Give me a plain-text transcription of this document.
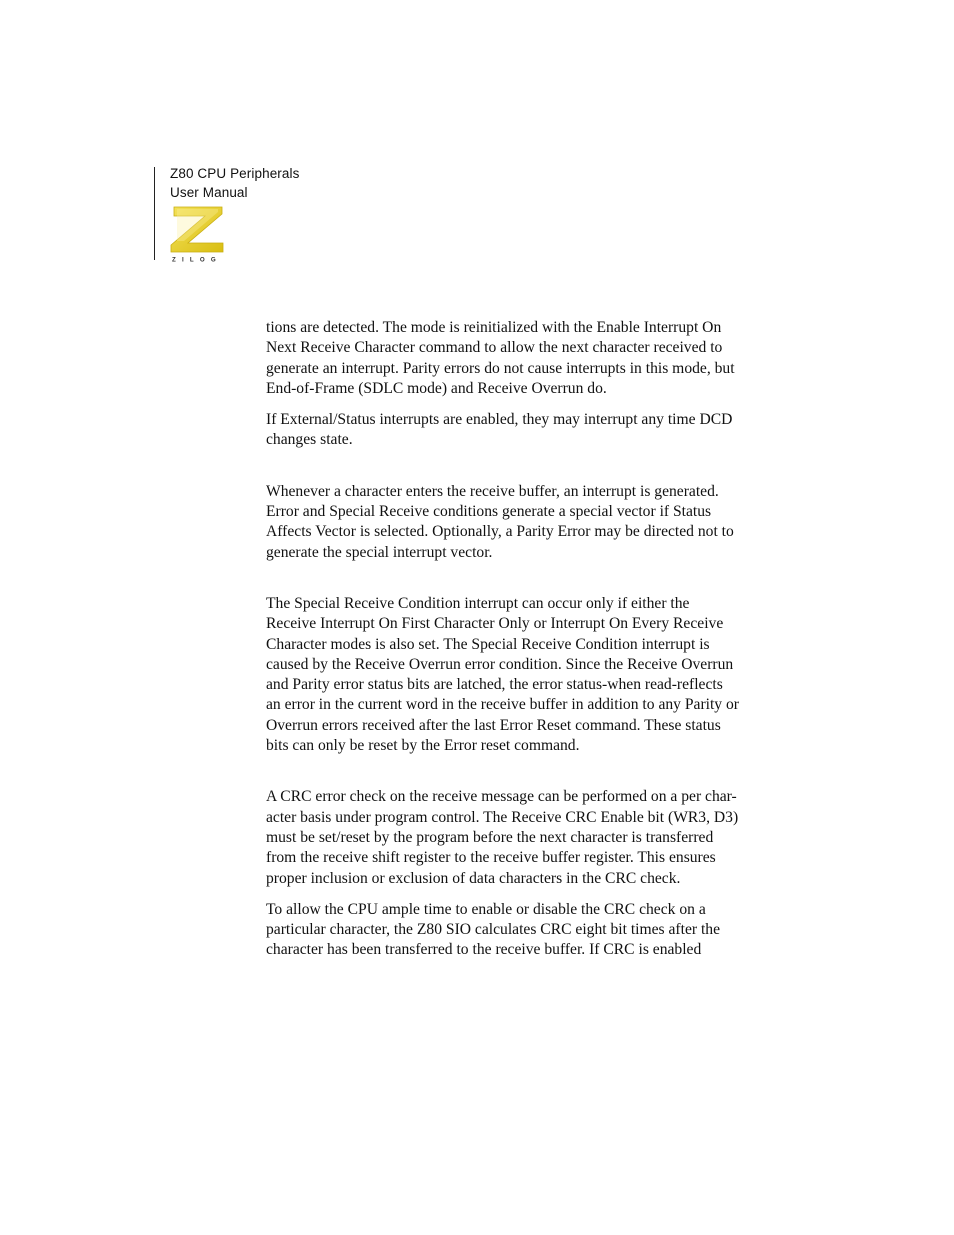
Z80 CPU Peripherals
User Manual
ZILOG

tions are detected. The mode is reinitialized with the Enable Interrupt On
Next Receive Character command to allow the next character received to
generate an interrupt. Parity errors do not cause interrupts in this mode, but
End-of-Frame (SDLC mode) and Receive Overrun do.

If External/Status interrupts are enabled, they may interrupt any time DCD
changes state.

Whenever a character enters the receive buffer, an interrupt is generated.
Error and Special Receive conditions generate a special vector if Status
Affects Vector is selected. Optionally, a Parity Error may be directed not to
generate the special interrupt vector.

The Special Receive Condition interrupt can occur only if either the
Receive Interrupt On First Character Only or Interrupt On Every Receive
Character modes is also set. The Special Receive Condition interrupt is
caused by the Receive Overrun error condition. Since the Receive Overrun
and Parity error status bits are latched, the error status-when read-reflects
an error in the current word in the receive buffer in addition to any Parity or
Overrun errors received after the last Error Reset command. These status
bits can only be reset by the Error reset command.

A CRC error check on the receive message can be performed on a per char-
acter basis under program control. The Receive CRC Enable bit (WR3, D3)
must be set/reset by the program before the next character is transferred
from the receive shift register to the receive buffer register. This ensures
proper inclusion or exclusion of data characters in the CRC check.

To allow the CPU ample time to enable or disable the CRC check on a
particular character, the Z80 SIO calculates CRC eight bit times after the
character has been transferred to the receive buffer. If CRC is enabled
